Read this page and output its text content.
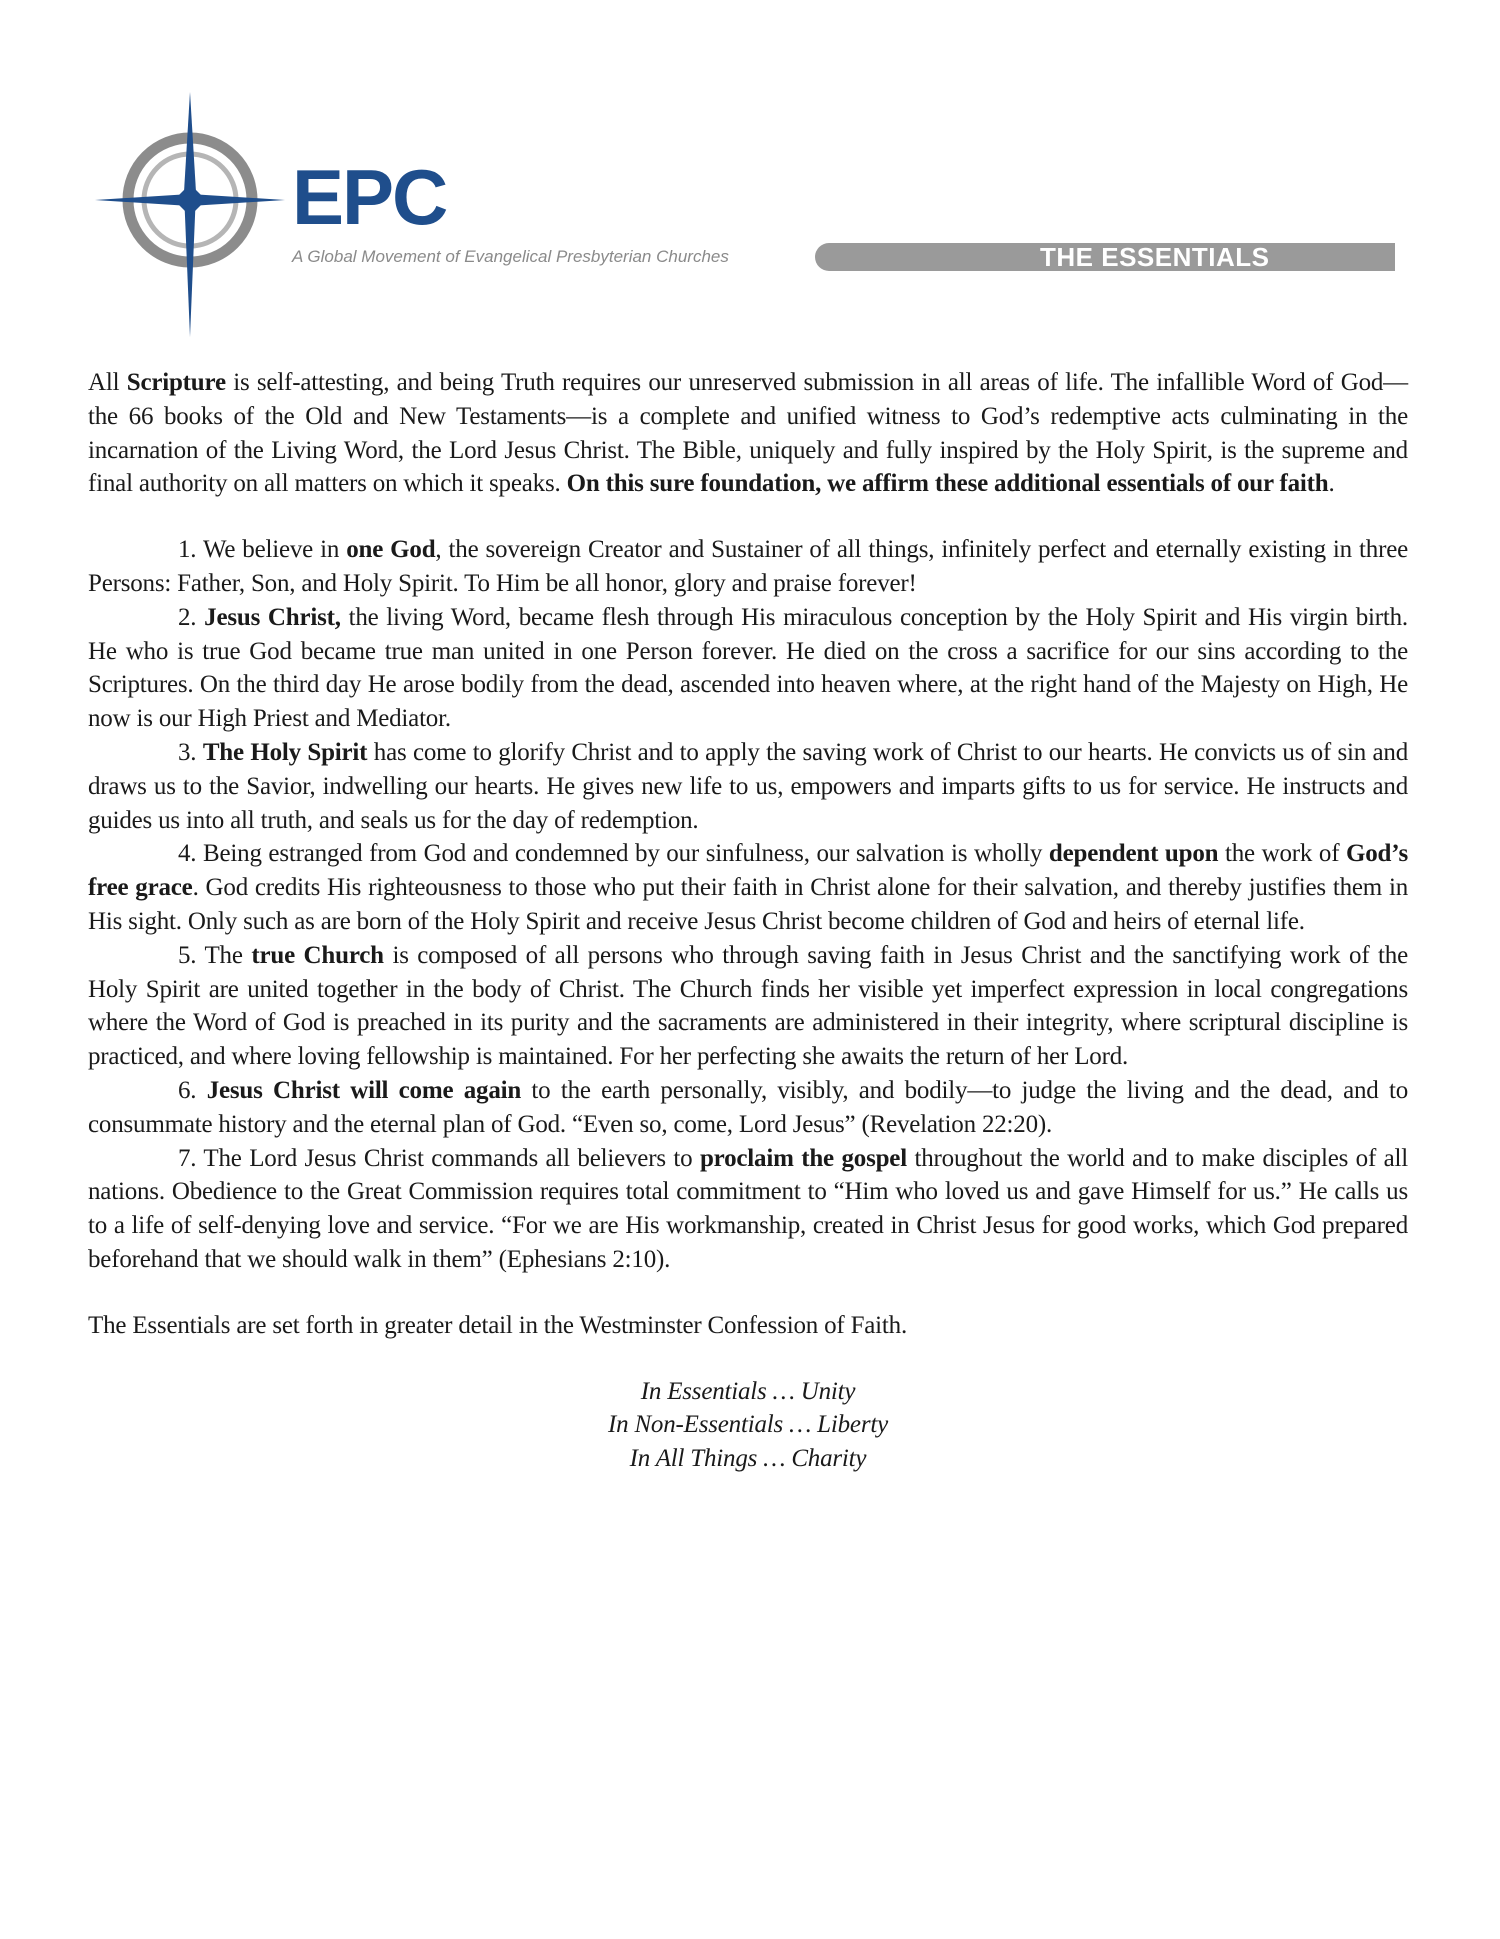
EPC
A Global Movement of Evangelical Presbyterian Churches	THE ESSENTIALS

All Scripture is self-attesting, and being Truth requires our unreserved submission in all areas of life. The infallible Word of God—the 66 books of the Old and New Testaments—is a complete and unified witness to God’s redemptive acts culminating in the incarnation of the Living Word, the Lord Jesus Christ. The Bible, uniquely and fully inspired by the Holy Spirit, is the supreme and final authority on all matters on which it speaks. On this sure foundation, we affirm these additional essentials of our faith.

1. We believe in one God, the sovereign Creator and Sustainer of all things, infinitely perfect and eternally existing in three Persons: Father, Son, and Holy Spirit. To Him be all honor, glory and praise forever!

2. Jesus Christ, the living Word, became flesh through His miraculous conception by the Holy Spirit and His virgin birth. He who is true God became true man united in one Person forever. He died on the cross a sacrifice for our sins according to the Scriptures. On the third day He arose bodily from the dead, ascended into heaven where, at the right hand of the Majesty on High, He now is our High Priest and Mediator.

3. The Holy Spirit has come to glorify Christ and to apply the saving work of Christ to our hearts. He convicts us of sin and draws us to the Savior, indwelling our hearts. He gives new life to us, empowers and imparts gifts to us for service. He instructs and guides us into all truth, and seals us for the day of redemption.

4. Being estranged from God and condemned by our sinfulness, our salvation is wholly dependent upon the work of God’s free grace. God credits His righteousness to those who put their faith in Christ alone for their salvation, and thereby justifies them in His sight. Only such as are born of the Holy Spirit and receive Jesus Christ become children of God and heirs of eternal life.

5. The true Church is composed of all persons who through saving faith in Jesus Christ and the sanctifying work of the Holy Spirit are united together in the body of Christ. The Church finds her visible yet imperfect expression in local congregations where the Word of God is preached in its purity and the sacraments are administered in their integrity, where scriptural discipline is practiced, and where loving fellowship is maintained. For her perfecting she awaits the return of her Lord.

6. Jesus Christ will come again to the earth personally, visibly, and bodily—to judge the living and the dead, and to consummate history and the eternal plan of God. “Even so, come, Lord Jesus” (Revelation 22:20).

7. The Lord Jesus Christ commands all believers to proclaim the gospel throughout the world and to make disciples of all nations. Obedience to the Great Commission requires total commitment to “Him who loved us and gave Himself for us.” He calls us to a life of self-denying love and service. “For we are His workmanship, created in Christ Jesus for good works, which God prepared beforehand that we should walk in them” (Ephesians 2:10).

The Essentials are set forth in greater detail in the Westminster Confession of Faith.

In Essentials … Unity
In Non-Essentials … Liberty
In All Things … Charity
